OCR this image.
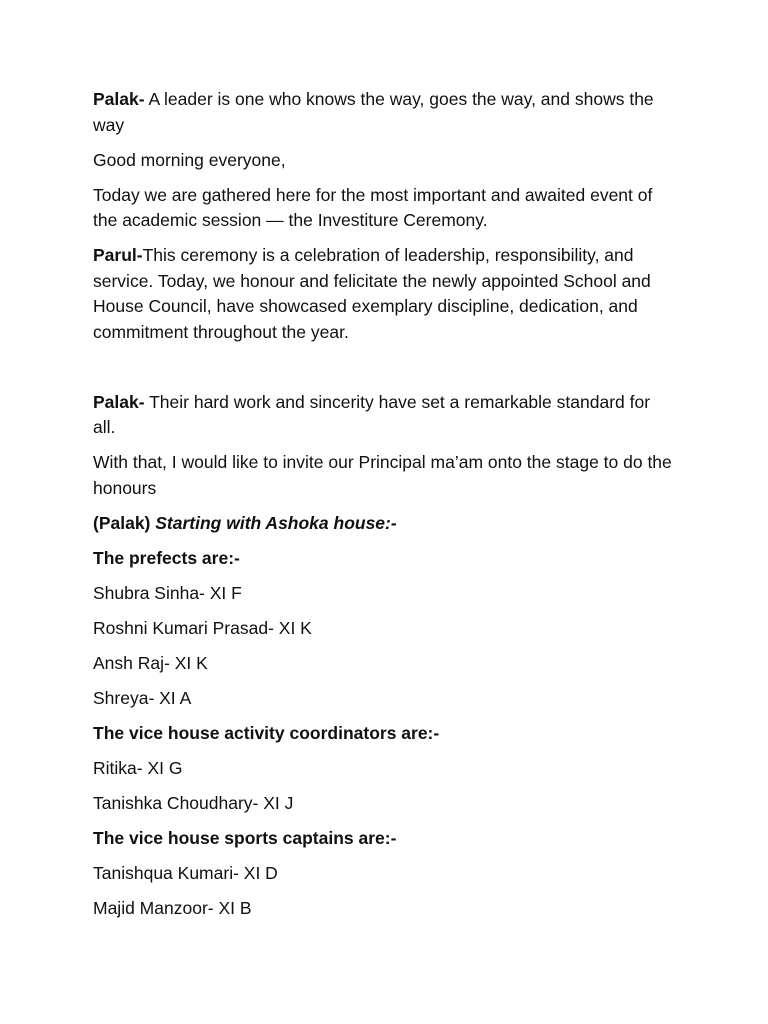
Palak- A leader is one who knows the way, goes the way, and shows the way

Good morning everyone,

Today we are gathered here for the most important and awaited event of the academic session — the Investiture Ceremony.

Parul-This ceremony is a celebration of leadership, responsibility, and service. Today, we honour and felicitate the newly appointed School and House Council, have showcased exemplary discipline, dedication, and commitment throughout the year.

Palak- Their hard work and sincerity have set a remarkable standard for all.

With that, I would like to invite our Principal ma’am onto the stage to do the honours

(Palak) Starting with Ashoka house:-

The prefects are:-

Shubra Sinha- XI F

Roshni Kumari Prasad- XI K

Ansh Raj- XI K

Shreya- XI A

The vice house activity coordinators are:-

Ritika- XI G

Tanishka Choudhary- XI J

The vice house sports captains are:-

Tanishqua Kumari- XI D

Majid Manzoor- XI B
